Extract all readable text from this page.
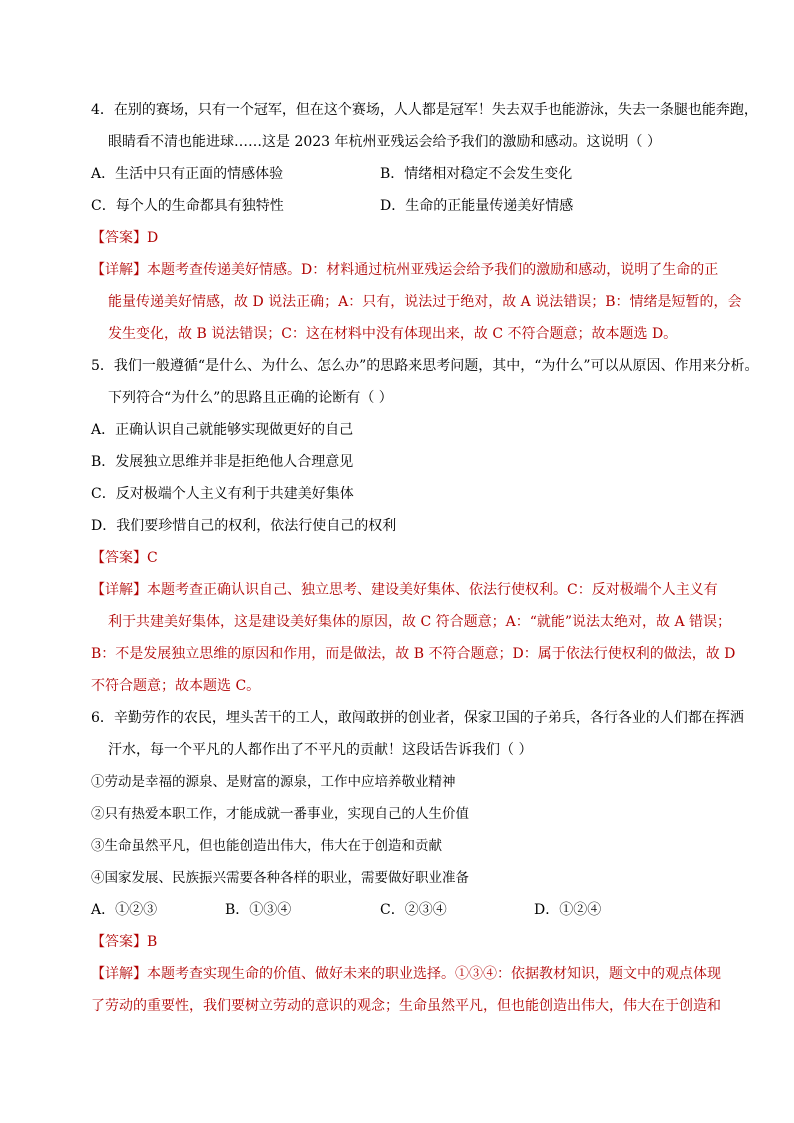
4．在别的赛场，只有一个冠军，但在这个赛场，人人都是冠军！失去双手也能游泳，失去一条腿也能奔跑，
眼睛看不清也能进球……这是 2023 年杭州亚残运会给予我们的激励和感动。这说明（ ）
A．生活中只有正面的情感体验	B．情绪相对稳定不会发生变化
C．每个人的生命都具有独特性	D．生命的正能量传递美好情感
【答案】D
【详解】本题考查传递美好情感。D：材料通过杭州亚残运会给予我们的激励和感动，说明了生命的正
能量传递美好情感，故 D 说法正确；A：只有，说法过于绝对，故 A 说法错误；B：情绪是短暂的，会
发生变化，故 B 说法错误；C：这在材料中没有体现出来，故 C 不符合题意；故本题选 D。
5．我们一般遵循“是什么、为什么、怎么办”的思路来思考问题，其中，“为什么”可以从原因、作用来分析。
下列符合“为什么”的思路且正确的论断有（ ）
A．正确认识自己就能够实现做更好的自己
B．发展独立思维并非是拒绝他人合理意见
C．反对极端个人主义有利于共建美好集体
D．我们要珍惜自己的权利，依法行使自己的权利
【答案】C
【详解】本题考查正确认识自己、独立思考、建设美好集体、依法行使权利。C：反对极端个人主义有
利于共建美好集体，这是建设美好集体的原因，故 C 符合题意；A：“就能”说法太绝对，故 A 错误；
B：不是发展独立思维的原因和作用，而是做法，故 B 不符合题意；D：属于依法行使权利的做法，故 D
不符合题意；故本题选 C。
6．辛勤劳作的农民，埋头苦干的工人，敢闯敢拼的创业者，保家卫国的子弟兵，各行各业的人们都在挥洒
汗水，每一个平凡的人都作出了不平凡的贡献！这段话告诉我们（ ）
①劳动是幸福的源泉、是财富的源泉，工作中应培养敬业精神
②只有热爱本职工作，才能成就一番事业，实现自己的人生价值
③生命虽然平凡，但也能创造出伟大，伟大在于创造和贡献
④国家发展、民族振兴需要各种各样的职业，需要做好职业准备
A．①②③	B．①③④	C．②③④	D．①②④
【答案】B
【详解】本题考查实现生命的价值、做好未来的职业选择。①③④：依据教材知识，题文中的观点体现
了劳动的重要性，我们要树立劳动的意识的观念；生命虽然平凡，但也能创造出伟大，伟大在于创造和
